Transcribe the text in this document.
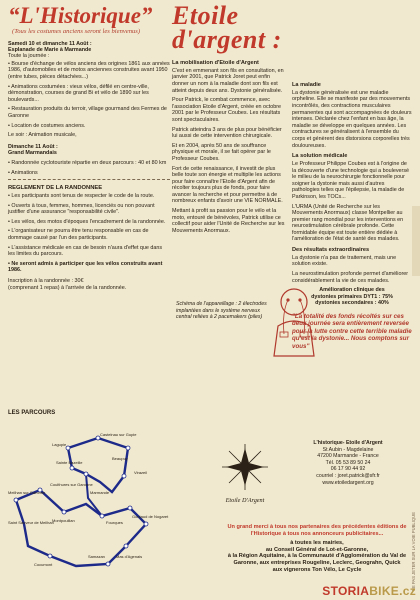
“L'Historique”

(Tous les costumes anciens seront les bienvenus)

Toute la journée :

Samedi 10 et dimanche 11 Août :
Esplanade de Marie à Marmande

• Bourse d'échange de vélos anciens des origines 1861 aux années 1986, d'automobiles et de motos anciennes construites avant 1950 (entre tubes, pièces détachées...)

• Animations costumées : vieux vélos, défilé en centre-ville, démonstration, courses de grand Bi et vélo de 1890 sur les boulevards...

• Restauration produits du terroir, village gourmand des Fermes de Garonne

• Location de costumes anciens.

Le soir : Animation musicale,

Dimanche 11 Août :
Grand Marmandais

• Randonnée cyclotouriste répartie en deux parcours : 40 et 80 km

• Animations

REGLEMENT DE LA RANDONNEE

• Les participants sont tenus de respecter le code de la route.

• Ouverts à tous, femmes, hommes, licenciés ou non pouvant justifier d'une assurance "responsabilité civile".

• Les vélos, des motos d'époques l'encadrement de la randonnée.

• L'organisateur ne pourra être tenu responsable en cas de dommage causé par l'un des participants.

• L'assistance médicale en cas de besoin n'aura d'effet que dans les limites du parcours.

• Ne seront admis à participer que les vélos construits avant 1986.

Inscription à la randonnée : 30€
(comprenant 1 repas) à l'arrivée de la randonnée.

LES PARCOURS
Lagupie
Castelnau sur Gupie
Sainte Bazeille
Beaupuy
Coulthures sur Garonne
Virazeil
Meilhan sur Garonne	Marmande
Saint Sauveur de Meilhan
Montpouillan	Fourques
Gontaud de Nogaret
Cocumont
Samazan	Mas d'Agenais
Etoile d'argent :

La mobilisation d'Etoile d'Argent

C'est en emmenant son fils en consultation, en janvier 2001, que Patrick Joret peut enfin donner un nom à la maladie dont son fils est atteint depuis deux ans. Dystonie généralisée.

Pour Patrick, le combat commence, avec l'association Etoile d'Argent, créée en octobre 2001 par le Professeur Coubes. Les résultats sont spectaculaires.

Patrick atteindra 3 ans de plus pour bénéficier lui aussi de cette intervention chirurgicale.

Et en 2004, après 50 ans de souffrance physique et morale, il se fait opérer par le Professeur Coubes.

Fort de cette renaissance, il investit de plus belle toute son énergie et multiplie les actions pour faire connaître l'Etoile d'Argent afin de récolter toujours plus de fonds, pour faire avancer la recherche et pour permettre à de nombreux enfants d'avoir une VIE NORMALE.

Mettant à profit sa passion pour le vélo et la moto, entouré de bénévoles, Patrick utilise ce collectif pour aider l'Unité de Recherche sur les Mouvements Anormaux.

Schéma de l'appareillage : 2 électrodes implantées dans le système nerveux central reliées à 2 pacemakers (piles)

La maladie

La dystonie généralisée est une maladie orpheline. Elle se manifeste par des mouvements incontrôlés, des contractions musculaires permanentes qui sont accompagnées de douleurs intenses. Déclarée chez l'enfant en bas âge, la maladie se développe en quelques années. Les contractures se généralisent à l'ensemble du corps et génèrent des distorsions corporelles très douloureuses.

La solution médicale

Le Professeur Philippe Coubes est à l'origine de la découverte d'une technologie qui a bouleversé le milieu de la neurochirurgie fonctionnelle pour soigner la dystonie mais aussi d'autres pathologies telles que l'épilepsie, la maladie de Parkinson, les TOCs...

L'URMA (Unité de Recherche sur les Mouvements Anormaux) classe Montpellier au premier rang mondial pour les interventions en neurostimulation cérébrale profonde. Cette formidable équipe est toute entière dédiée à l'amélioration de l'état de santé des malades.

Des résultats extraordinaires

La dystonie n'a pas de traitement, mais une solution existe.

La neurostimulation profonde permet d'améliorer considérablement la vie de ces malades.

Amélioration clinique des
dystonies primaires DYT1 : 75%
dystonies secondaires : 40%

"La totalité des fonds récoltés sur ces deux journée sera entièrement reversée pour la lutte contre cette terrible maladie qu'est la dystonie... Nous comptons sur vous"

Etoile D'Argent
L'historique- Etoile d'Argent
St Aubin - Magdelaine
47200 Marmande - France
Tél. 05 53 89 50 24
06 17 90 44 92
courriel : joret.patrick@sfr.fr
www.etoiledargent.org
Un grand merci à tous nos partenaires des précédentes éditions de l'Historique à tous nos annonceurs publicitaires...
à toutes les mairies,
au Conseil Général de Lot-et-Garonne,
à la Région Aquitaine, à la Communauté d'Agglomération du Val de Garonne, aux entreprises Rougeline, Leclerc, Geograhn, Quick
aux vignerons Ton Vélo, Le Cycle	NE PAS JETER SUR LA VOIE PUBLIQUE
STORIABIKE.cz
